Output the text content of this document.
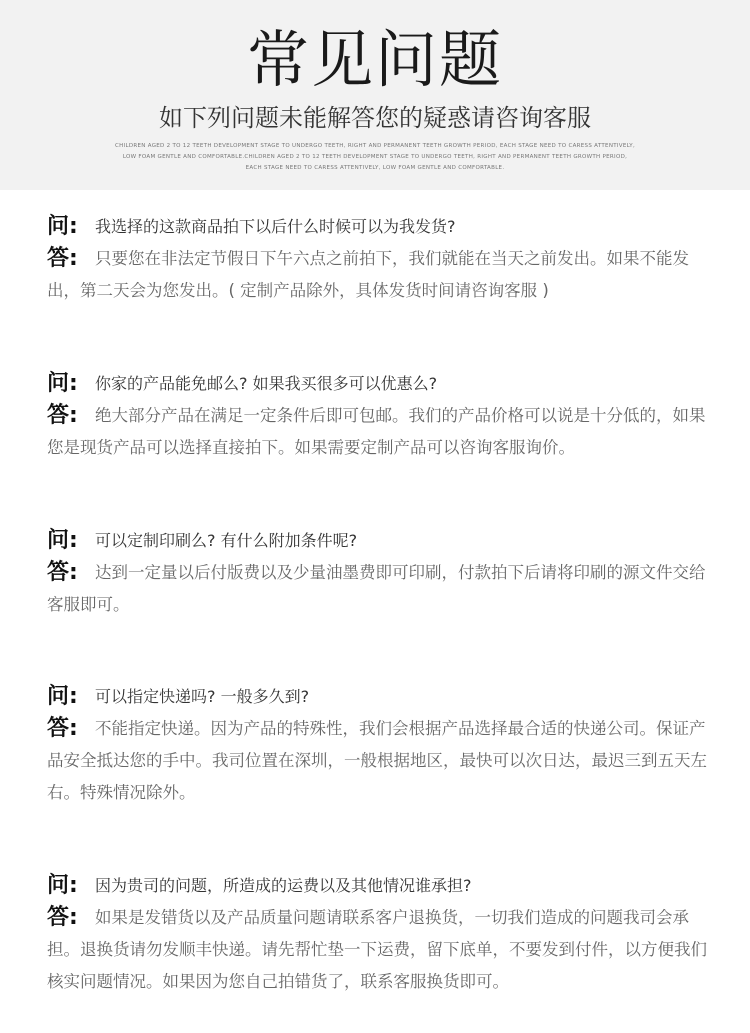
常见问题
如下列问题未能解答您的疑惑请咨询客服
CHILDREN AGED 2 TO 12 TEETH DEVELOPMENT STAGE TO UNDERGO TEETH, RIGHT AND PERMANENT TEETH GROWTH PERIOD, EACH STAGE NEED TO CARESS ATTENTIVELY,
LOW FOAM GENTLE AND COMFORTABLE.CHILDREN AGED 2 TO 12 TEETH DEVELOPMENT STAGE TO UNDERGO TEETH, RIGHT AND PERMANENT TEETH GROWTH PERIOD,
EACH STAGE NEED TO CARESS ATTENTIVELY, LOW FOAM GENTLE AND COMFORTABLE.
问:	我选择的这款商品拍下以后什么时候可以为我发货?
答: 只要您在非法定节假日下午六点之前拍下，我们就能在当天之前发出。如果不能发出，第二天会为您发出。( 定制产品除外，具体发货时间请咨询客服 )
问:	你家的产品能免邮么? 如果我买很多可以优惠么?
答: 绝大部分产品在满足一定条件后即可包邮。我们的产品价格可以说是十分低的，如果您是现货产品可以选择直接拍下。如果需要定制产品可以咨询客服询价。
问:	可以定制印刷么? 有什么附加条件呢?
答: 达到一定量以后付版费以及少量油墨费即可印刷，付款拍下后请将印刷的源文件交给客服即可。
问:	可以指定快递吗? 一般多久到?
答: 不能指定快递。因为产品的特殊性，我们会根据产品选择最合适的快递公司。保证产品安全抵达您的手中。我司位置在深圳，一般根据地区，最快可以次日达，最迟三到五天左右。特殊情况除外。
问:	因为贵司的问题，所造成的运费以及其他情况谁承担?
答: 如果是发错货以及产品质量问题请联系客户退换货，一切我们造成的问题我司会承担。退换货请勿发顺丰快递。请先帮忙垫一下运费，留下底单，不要发到付件，以方便我们核实问题情况。如果因为您自己拍错货了，联系客服换货即可。
